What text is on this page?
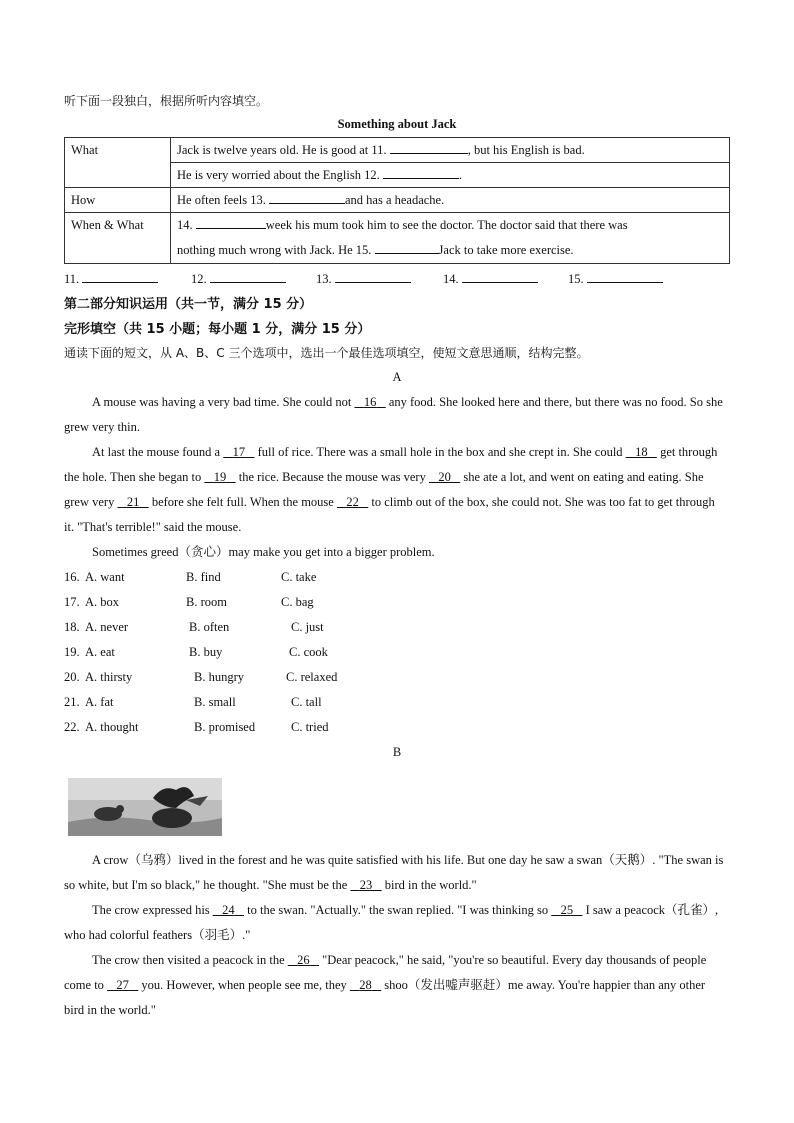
听下面一段独白，根据所听内容填空。
Something about Jack
What	Jack is twelve years old. He is good at 11. , but his English is bad.
	He is very worried about the English 12. .
How	He often feels 13. and has a headache.
When & What	14. week his mum took him to see the doctor. The doctor said that there was
nothing much wrong with Jack. He 15. Jack to take more exercise.
11.	12.	13.	14.	15.
第二部分知识运用（共一节，满分 15 分）
完形填空（共 15 小题；每小题 1 分，满分 15 分）
通读下面的短文，从 A、B、C 三个选项中，选出一个最佳选项填空，使短文意思通顺，结构完整。
A
A mouse was having a very bad time. She could not    16    any food. She looked here and there, but there was no food. So she grew very thin.
At last the mouse found a    17    full of rice. There was a small hole in the box and she crept in. She could    18    get through the hole. Then she began to    19    the rice. Because the mouse was very    20    she ate a lot, and went on eating and eating. She grew very    21    before she felt full. When the mouse    22    to climb out of the box, she could not. She was too fat to get through it. "That's terrible!" said the mouse.
Sometimes greed（贪心）may make you get into a bigger problem.
16. A. want	B. find	C. take
17. A. box	B. room	C. bag
18. A. never	B. often	C. just
19. A. eat	B. buy	C. cook
20. A. thirsty	B. hungry	C. relaxed
21. A. fat	B. small	C. tall
22. A. thought	B. promised	C. tried
B
A crow（乌鸦）lived in the forest and he was quite satisfied with his life. But one day he saw a swan（天鹅）. "The swan is so white, but I'm so black," he thought. "She must be the    23    bird in the world."
The crow expressed his    24    to the swan. "Actually." the swan replied. "I was thinking so    25    I saw a peacock（孔雀）, who had colorful feathers（羽毛）."
The crow then visited a peacock in the    26    "Dear peacock," he said, "you're so beautiful. Every day thousands of people come to    27    you. However, when people see me, they    28    shoo（发出嘘声驱赶）me away. You're happier than any other bird in the world."
